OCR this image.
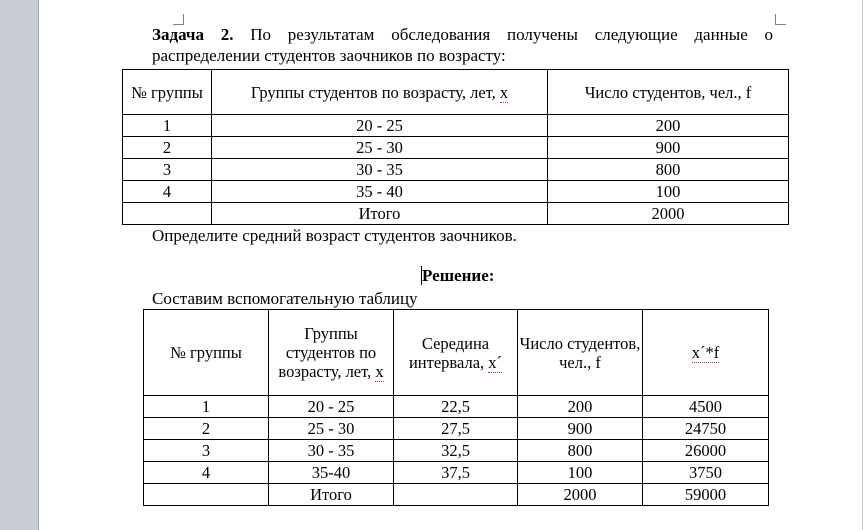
Задача 2. По результатам обследования получены следующие данные о распределении студентов заочников по возрасту:
№ группы	Группы студентов по возрасту, лет, x	Число студентов, чел., f
1	20 - 25	200
2	25 - 30	900
3	30 - 35	800
4	35 - 40	100
	Итого	2000
Определите средний возраст студентов заочников.
Решение:
Составим вспомогательную таблицу
№ группы	Группы студентов по возрасту, лет, х	Середина интервала, х´	Число студентов, чел., f	х´*f
1	20 - 25	22,5	200	4500
2	25 - 30	27,5	900	24750
3	30 - 35	32,5	800	26000
4	35-40	37,5	100	3750
	Итого		2000	59000
